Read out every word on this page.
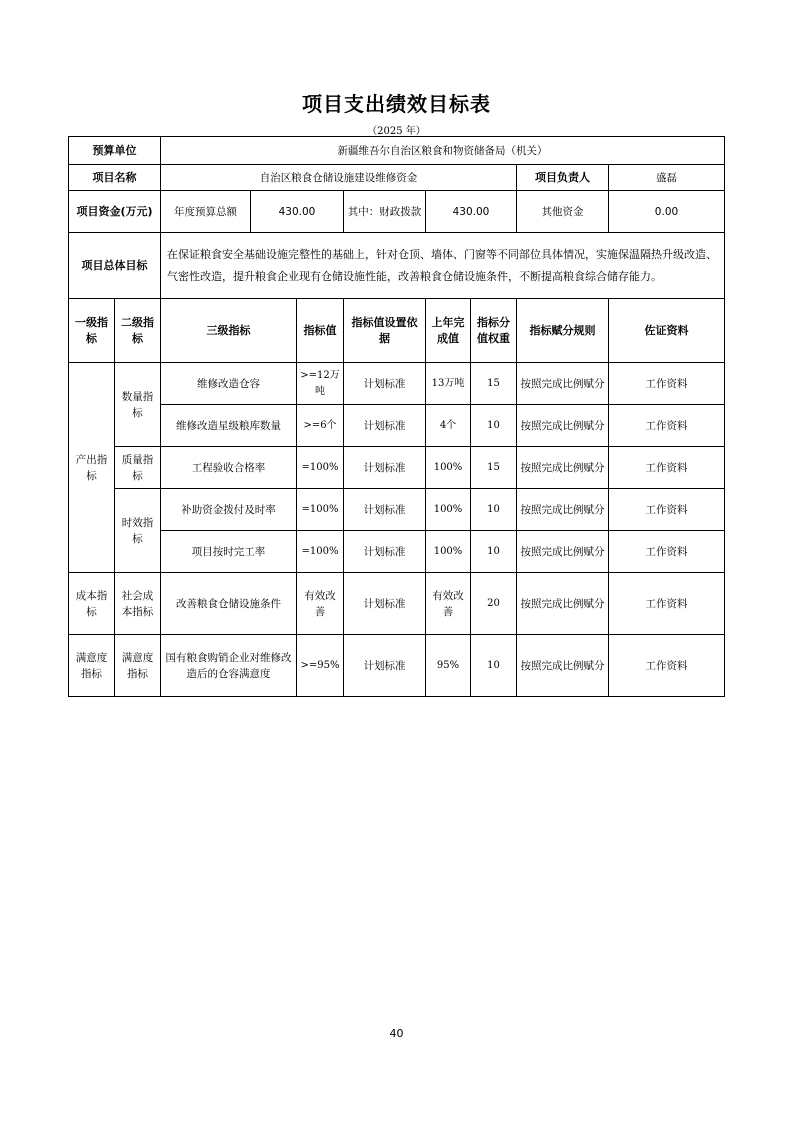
项目支出绩效目标表
（2025 年）
预算单位		新疆维吾尔自治区粮食和物资储备局（机关）							
项目名称		自治区粮食仓储设施建设维修资金						项目负责人	盛磊
项目资金(万元)		年度预算总额	430.00		其中：财政拨款	430.00		其他资金	0.00
项目总体目标		在保证粮食安全基础设施完整性的基础上，针对仓顶、墙体、门窗等不同部位具体情况，实施保温隔热升级改造、气密性改造，提升粮食企业现有仓储设施性能，改善粮食仓储设施条件，不断提高粮食综合储存能力。							
一级指标	二级指标	三级指标		指标值	指标值设置依据	上年完成值	指标分值权重	指标赋分规则	佐证资料
产出指标	数量指标	维修改造仓容		>=12万吨	计划标准	13万吨	15	按照完成比例赋分	工作资料
		维修改造星级粮库数量		>=6个	计划标准	4个	10	按照完成比例赋分	工作资料
	质量指标	工程验收合格率		=100%	计划标准	100%	15	按照完成比例赋分	工作资料
	时效指标	补助资金拨付及时率		=100%	计划标准	100%	10	按照完成比例赋分	工作资料
		项目按时完工率		=100%	计划标准	100%	10	按照完成比例赋分	工作资料
成本指标	社会成本指标	改善粮食仓储设施条件		有效改善	计划标准	有效改善	20	按照完成比例赋分	工作资料
满意度指标	满意度指标	国有粮食购销企业对维修改造后的仓容满意度		>=95%	计划标准	95%	10	按照完成比例赋分	工作资料
40
